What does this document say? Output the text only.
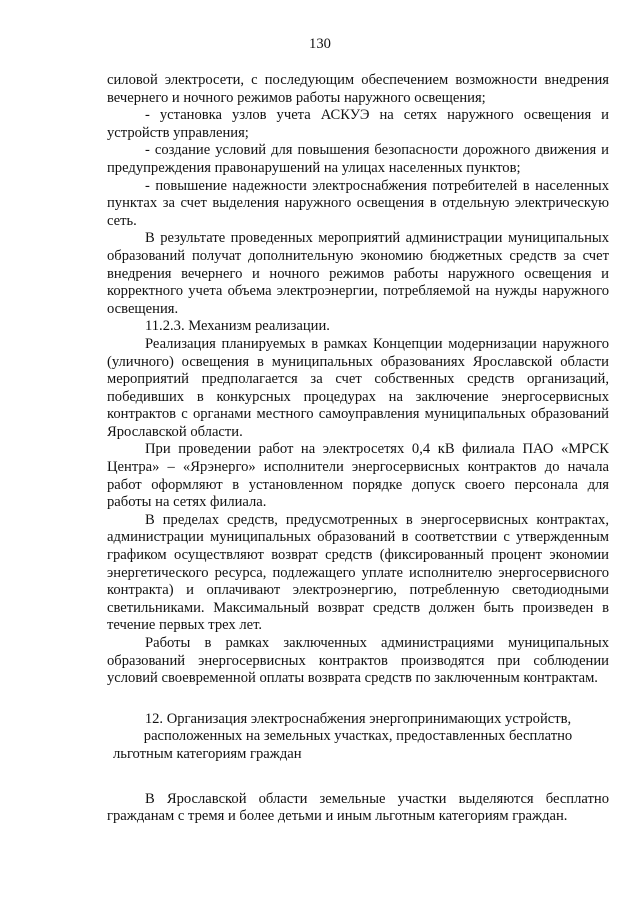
130

силовой электросети, с последующим обеспечением возможности внедрения вечернего и ночного режимов работы наружного освещения;

- установка узлов учета АСКУЭ на сетях наружного освещения и устройств управления;

- создание условий для повышения безопасности дорожного движения и предупреждения правонарушений на улицах населенных пунктов;

- повышение надежности электроснабжения потребителей в населенных пунктах за счет выделения наружного освещения в отдельную электрическую сеть.

В результате проведенных мероприятий администрации муниципальных образований получат дополнительную экономию бюджетных средств за счет внедрения вечернего и ночного режимов работы наружного освещения и корректного учета объема электроэнергии, потребляемой на нужды наружного освещения.

11.2.3. Механизм реализации.

Реализация планируемых в рамках Концепции модернизации наружного (уличного) освещения в муниципальных образованиях Ярославской области мероприятий предполагается за счет собственных средств организаций, победивших в конкурсных процедурах на заключение энергосервисных контрактов с органами местного самоуправления муниципальных образований Ярославской области.

При проведении работ на электросетях 0,4 кВ филиала ПАО «МРСК Центра» – «Ярэнерго» исполнители энергосервисных контрактов до начала работ оформляют в установленном порядке допуск своего персонала для работы на сетях филиала.

В пределах средств, предусмотренных в энергосервисных контрактах, администрации муниципальных образований в соответствии с утвержденным графиком осуществляют возврат средств (фиксированный процент экономии энергетического ресурса, подлежащего уплате исполнителю энергосервисного контракта) и оплачивают электроэнергию, потребленную светодиодными светильниками. Максимальный возврат средств должен быть произведен в течение первых трех лет.

Работы в рамках заключенных администрациями муниципальных образований энергосервисных контрактов производятся при соблюдении условий своевременной оплаты возврата средств по заключенным контрактам.

12. Организация электроснабжения энергопринимающих устройств, расположенных на земельных участках, предоставленных бесплатно льготным категориям граждан

В Ярославской области земельные участки выделяются бесплатно гражданам с тремя и более детьми и иным льготным категориям граждан.
